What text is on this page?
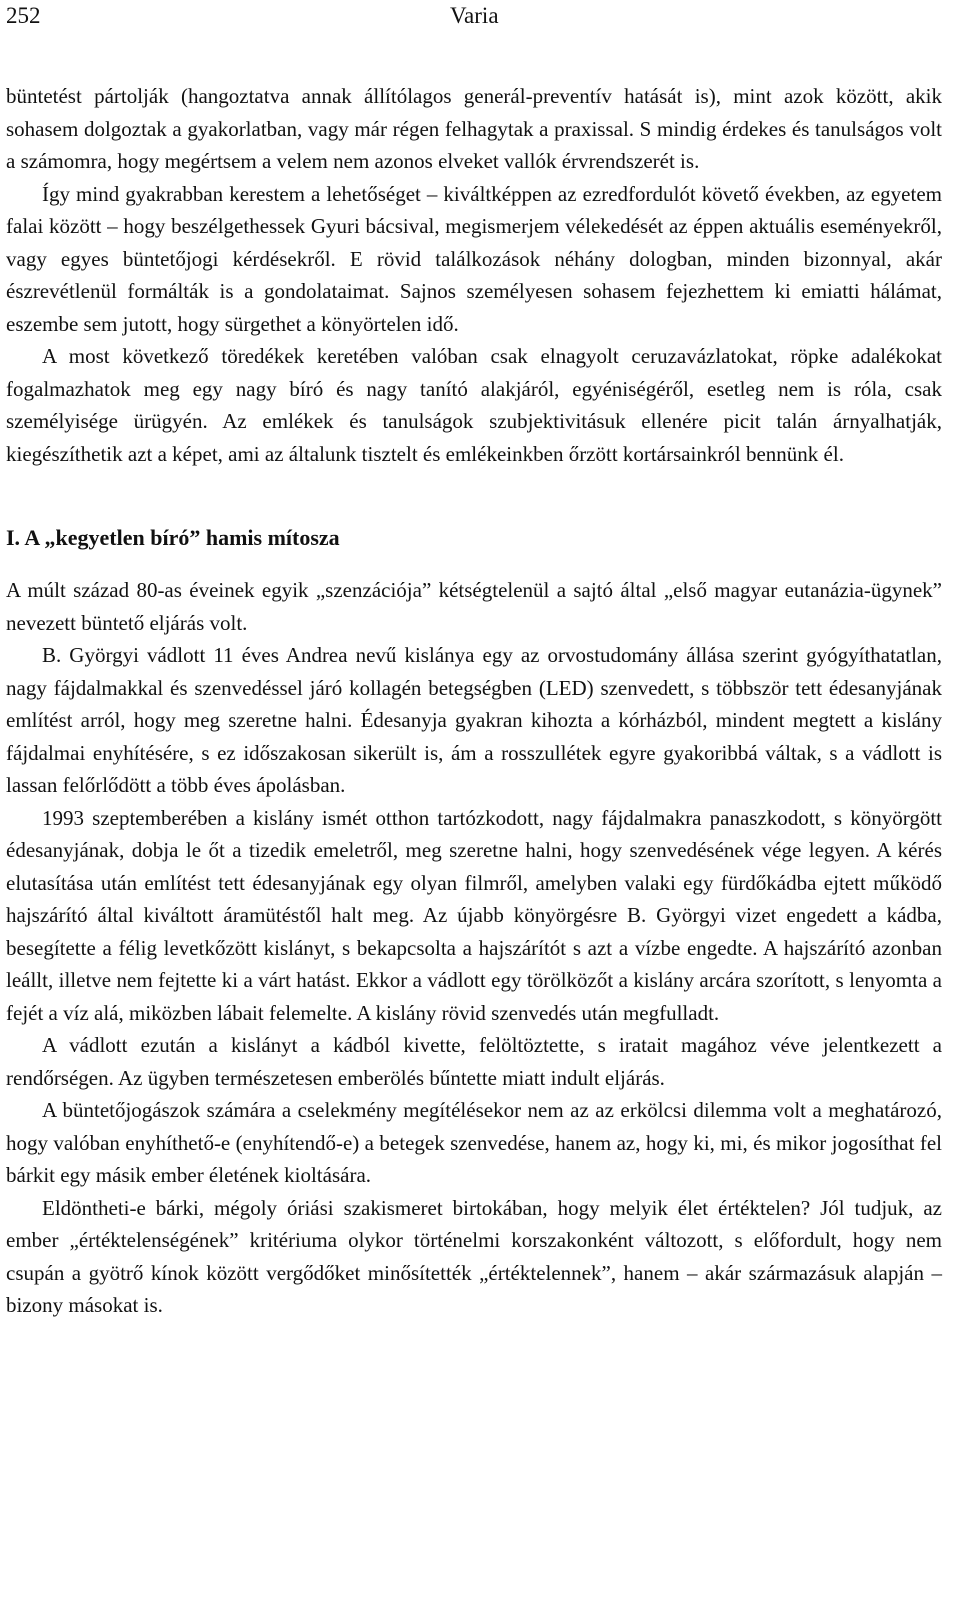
252	Varia

büntetést pártolják (hangoztatva annak állítólagos generál-preventív hatását is), mint azok között, akik sohasem dolgoztak a gyakorlatban, vagy már régen felhagytak a praxissal. S mindig érdekes és tanulságos volt a számomra, hogy megértsem a velem nem azonos elveket vallók érvrendszerét is.

Így mind gyakrabban kerestem a lehetőséget – kiváltképpen az ezredfordulót követő években, az egyetem falai között – hogy beszélgethessek Gyuri bácsival, megismerjem vélekedését az éppen aktuális eseményekről, vagy egyes büntetőjogi kérdésekről. E rövid találkozások néhány dologban, minden bizonnyal, akár észrevétlenül formálták is a gondolataimat. Sajnos személyesen sohasem fejezhettem ki emiatti hálámat, eszembe sem jutott, hogy sürgethet a könyörtelen idő.

A most következő töredékek keretében valóban csak elnagyolt ceruzavázlatokat, röpke adalékokat fogalmazhatok meg egy nagy bíró és nagy tanító alakjáról, egyéniségéről, esetleg nem is róla, csak személyisége ürügyén. Az emlékek és tanulságok szubjektivitásuk ellenére picit talán árnyalhatják, kiegészíthetik azt a képet, ami az általunk tisztelt és emlékeinkben őrzött kortársainkról bennünk él.

I. A „kegyetlen bíró” hamis mítosza

A múlt század 80-as éveinek egyik „szenzációja” kétségtelenül a sajtó által „első magyar eutanázia-ügynek” nevezett büntető eljárás volt.

B. Györgyi vádlott 11 éves Andrea nevű kislánya egy az orvostudomány állása szerint gyógyíthatatlan, nagy fájdalmakkal és szenvedéssel járó kollagén betegségben (LED) szenvedett, s többször tett édesanyjának említést arról, hogy meg szeretne halni. Édesanyja gyakran kihozta a kórházból, mindent megtett a kislány fájdalmai enyhítésére, s ez időszakosan sikerült is, ám a rosszullétek egyre gyakoribbá váltak, s a vádlott is lassan felőrlődött a több éves ápolásban.

1993 szeptemberében a kislány ismét otthon tartózkodott, nagy fájdalmakra panaszkodott, s könyörgött édesanyjának, dobja le őt a tizedik emeletről, meg szeretne halni, hogy szenvedésének vége legyen. A kérés elutasítása után említést tett édesanyjának egy olyan filmről, amelyben valaki egy fürdőkádba ejtett működő hajszárító által kiváltott áramütéstől halt meg. Az újabb könyörgésre B. Györgyi vizet engedett a kádba, besegítette a félig levetkőzött kislányt, s bekapcsolta a hajszárítót s azt a vízbe engedte. A hajszárító azonban leállt, illetve nem fejtette ki a várt hatást. Ekkor a vádlott egy törölközőt a kislány arcára szorított, s lenyomta a fejét a víz alá, miközben lábait felemelte. A kislány rövid szenvedés után megfulladt.

A vádlott ezután a kislányt a kádból kivette, felöltöztette, s iratait magához véve jelentkezett a rendőrségen. Az ügyben természetesen emberölés bűntette miatt indult eljárás.

A büntetőjogászok számára a cselekmény megítélésekor nem az az erkölcsi dilemma volt a meghatározó, hogy valóban enyhíthető-e (enyhítendő-e) a betegek szenvedése, hanem az, hogy ki, mi, és mikor jogosíthat fel bárkit egy másik ember életének kioltására.

Eldöntheti-e bárki, mégoly óriási szakismeret birtokában, hogy melyik élet értéktelen? Jól tudjuk, az ember „értéktelenségének” kritériuma olykor történelmi korszakonként változott, s előfordult, hogy nem csupán a gyötrő kínok között vergődőket minősítették „értéktelennek”, hanem – akár származásuk alapján – bizony másokat is.
